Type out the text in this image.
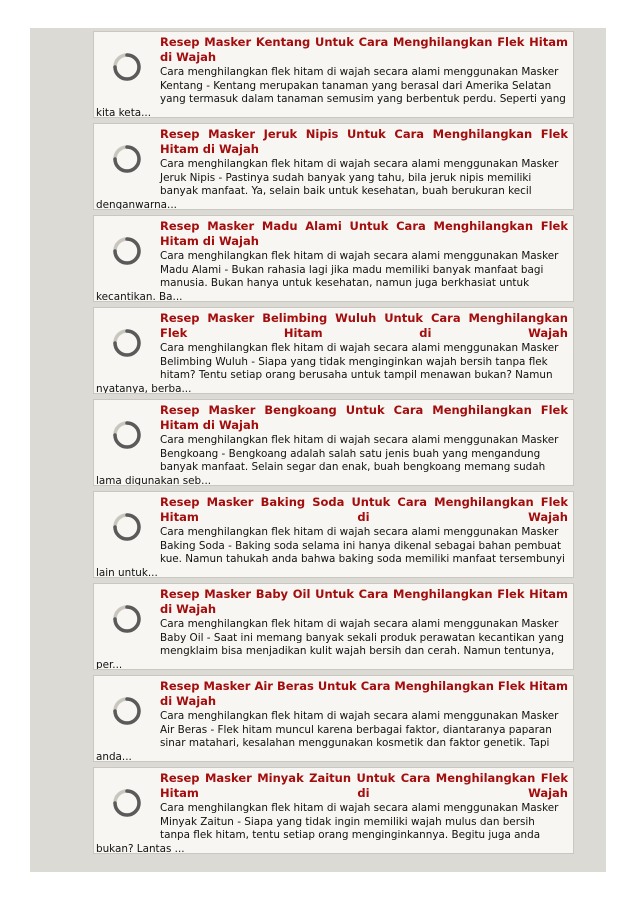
Resep Masker Kentang Untuk Cara Menghilangkan Flek Hitam di Wajah

Cara menghilangkan flek hitam di wajah secara alami menggunakan Masker Kentang - Kentang merupakan tanaman yang berasal dari Amerika Selatan yang termasuk dalam tanaman semusim yang berbentuk perdu. Seperti yang kita keta...

Resep Masker Jeruk Nipis Untuk Cara Menghilangkan Flek Hitam di Wajah

Cara menghilangkan flek hitam di wajah secara alami menggunakan Masker Jeruk Nipis - Pastinya sudah banyak yang tahu, bila jeruk nipis memiliki banyak manfaat. Ya, selain baik untuk kesehatan, buah berukuran kecil denganwarna...

Resep Masker Madu Alami Untuk Cara Menghilangkan Flek Hitam di Wajah

Cara menghilangkan flek hitam di wajah secara alami menggunakan Masker Madu Alami - Bukan rahasia lagi jika madu memiliki banyak manfaat bagi manusia. Bukan hanya untuk kesehatan, namun juga berkhasiat untuk kecantikan. Ba...

Resep Masker Belimbing Wuluh Untuk Cara Menghilangkan Flek Hitam di Wajah

Cara menghilangkan flek hitam di wajah secara alami menggunakan Masker Belimbing Wuluh - Siapa yang tidak menginginkan wajah bersih tanpa flek hitam? Tentu setiap orang berusaha untuk tampil menawan bukan? Namun nyatanya, berba...

Resep Masker Bengkoang Untuk Cara Menghilangkan Flek Hitam di Wajah

Cara menghilangkan flek hitam di wajah secara alami menggunakan Masker Bengkoang - Bengkoang adalah salah satu jenis buah yang mengandung banyak manfaat. Selain segar dan enak, buah bengkoang memang sudah lama digunakan seb...

Resep Masker Baking Soda Untuk Cara Menghilangkan Flek Hitam di Wajah

Cara menghilangkan flek hitam di wajah secara alami menggunakan Masker Baking Soda - Baking soda selama ini hanya dikenal sebagai bahan pembuat kue. Namun tahukah anda bahwa baking soda memiliki manfaat tersembunyi lain untuk...

Resep Masker Baby Oil Untuk Cara Menghilangkan Flek Hitam di Wajah

Cara menghilangkan flek hitam di wajah secara alami menggunakan Masker Baby Oil - Saat ini memang banyak sekali produk perawatan kecantikan yang mengklaim bisa menjadikan kulit wajah bersih dan cerah. Namun tentunya, per...

Resep Masker Air Beras Untuk Cara Menghilangkan Flek Hitam di Wajah

Cara menghilangkan flek hitam di wajah secara alami menggunakan Masker Air Beras - Flek hitam muncul karena berbagai faktor, diantaranya paparan sinar matahari, kesalahan menggunakan kosmetik dan faktor genetik. Tapi anda...

Resep Masker Minyak Zaitun Untuk Cara Menghilangkan Flek Hitam di Wajah

Cara menghilangkan flek hitam di wajah secara alami menggunakan Masker Minyak Zaitun - Siapa yang tidak ingin memiliki wajah mulus dan bersih tanpa flek hitam, tentu setiap orang menginginkannya. Begitu juga anda bukan? Lantas ...
